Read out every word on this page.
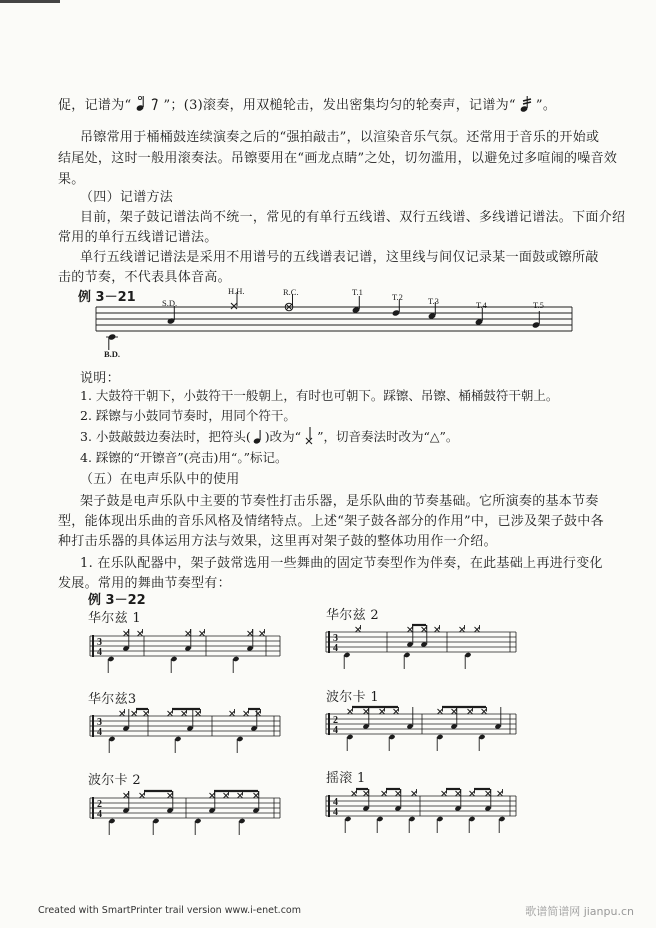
促，记谱为“ ”；(3)滚奏，用双槌轮击，发出密集均匀的轮奏声，记谱为“ ”。
吊镲常用于桶桶鼓连续演奏之后的“强拍敲击”，以渲染音乐气氛。还常用于音乐的开始或
结尾处，这时一般用滚奏法。吊镲要用在“画龙点睛”之处，切勿滥用，以避免过多喧闹的噪音效
果。
（四）记谱方法
目前，架子鼓记谱法尚不统一，常见的有单行五线谱、双行五线谱、多线谱记谱法。下面介绍
常用的单行五线谱记谱法。
单行五线谱记谱法是采用不用谱号的五线谱表记谱，这里线与间仅记录某一面鼓或镲所敲
击的节奏，不代表具体音高。
例 3－21	S.D.
H.H.	R.C.	T.1	T.2	T.3	T.4	T.5
B.D.
说明：
1. 大鼓符干朝下，小鼓符干一般朝上，有时也可朝下。踩镲、吊镲、桶桶鼓符干朝上。
2. 踩镲与小鼓同节奏时，用同个符干。
3. 小鼓敲鼓边奏法时，把符头( )改为“ ”，切音奏法时改为“△”。
4. 踩镲的“开镲音”(亮击)用“。”标记。
（五）在电声乐队中的使用
架子鼓是电声乐队中主要的节奏性打击乐器，是乐队曲的节奏基础。它所演奏的基本节奏
型，能体现出乐曲的音乐风格及情绪特点。上述“架子鼓各部分的作用”中，已涉及架子鼓中各
种打击乐器的具体运用方法与效果，这里再对架子鼓的整体功用作一介绍。
1. 在乐队配器中，架子鼓常选用一些舞曲的固定节奏型作为伴奏，在此基础上再进行变化
发展。常用的舞曲节奏型有：
例 3－22
华尔兹 1	华尔兹 2
华尔兹3	波尔卡 1
波尔卡 2	摇滚 1
3
4
3
4
3
4
2
4
2
4
4
4
Created with SmartPrinter trail version www.i-enet.com	歌谱简谱网 jianpu.cn
